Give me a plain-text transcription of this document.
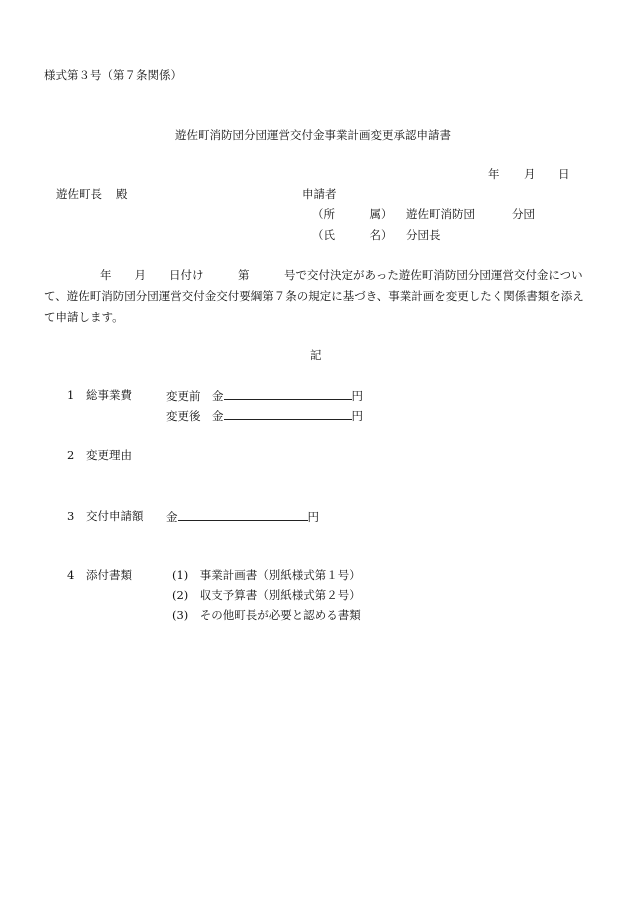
様式第３号（第７条関係）
遊佐町消防団分団運営交付金事業計画変更承認申請書
年 月 日
遊佐町長 殿	申請者
（所　　　属） 遊佐町消防団	分団
（氏　　　名） 分団長
年　　月　　日付け　　　第　　　号で交付決定があった遊佐町消防団分団運営交付金について、遊佐町消防団分団運営交付金交付要綱第７条の規定に基づき、事業計画を変更したく関係書類を添えて申請します。
記
1 総事業費	変更前　 金	円
変更後　 金	円
2 変更理由
3 交付申請額 金	円
4 添付書類	(1)　 事業計画書（別紙様式第１号）
(2)　 収支予算書（別紙様式第２号）
(3)　 その他町長が必要と認める書類
